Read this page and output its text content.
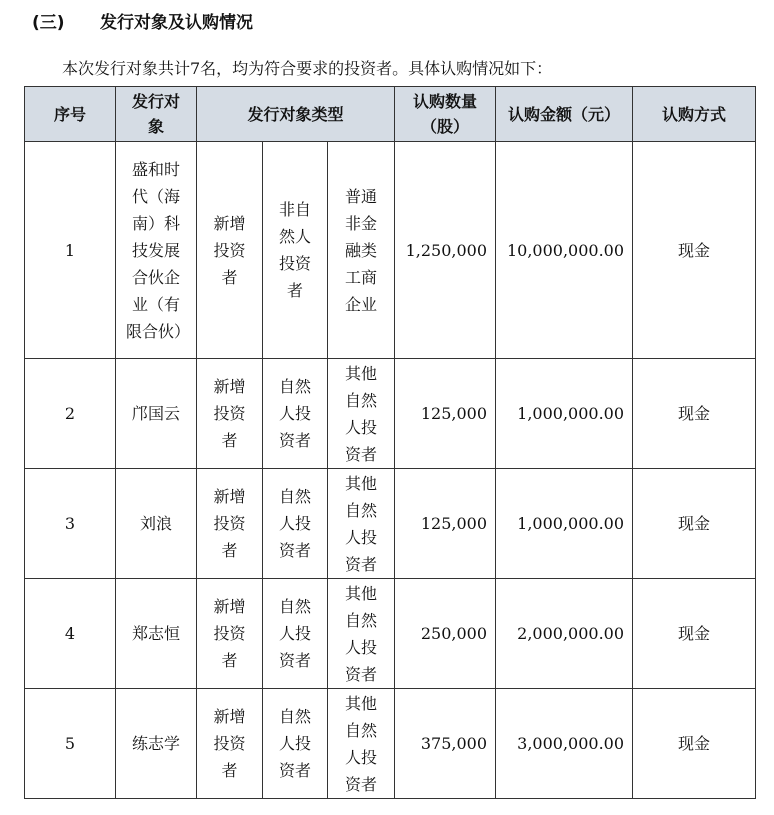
(三) 发行对象及认购情况
本次发行对象共计7名，均为符合要求的投资者。具体认购情况如下：
序号	发行对象	发行对象类型			认购数量（股）	认购金额（元）	认购方式
1	盛和时代（海南）科技发展合伙企业（有限合伙）	新增投资者	非自然人投资者	普通非金融类工商企业	1,250,000	10,000,000.00	现金
2	邝国云	新增投资者	自然人投资者	其他自然人投资者	125,000	1,000,000.00	现金
3	刘浪	新增投资者	自然人投资者	其他自然人投资者	125,000	1,000,000.00	现金
4	郑志恒	新增投资者	自然人投资者	其他自然人投资者	250,000	2,000,000.00	现金
5	练志学	新增投资者	自然人投资者	其他自然人投资者	375,000	3,000,000.00	现金
